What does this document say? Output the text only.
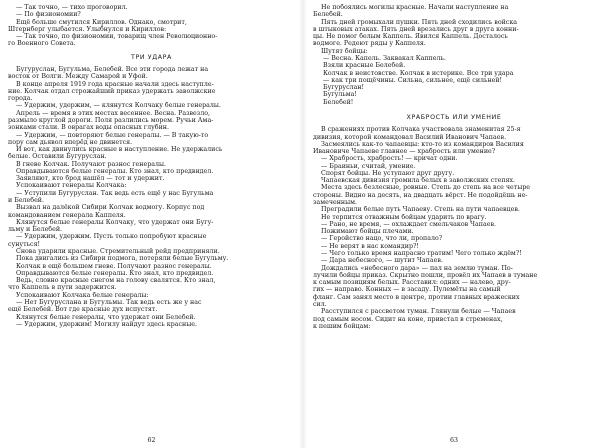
— Так точно, — тихо проговорил.
— По физиономии?
Ещё больше смутился Кириллов. Однако, смотрит,
Штернберг улыбается. Улыбнулся и Кириллов:
— Так точно, по физиономии, товарищ член Революционно-
го Военного Совета.
ТРИ УДАРА
Бугуруслан, Бугульма, Белебей. Все эти города лежат на
восток от Волги. Между Самарой и Уфой.
В конце апреля 1919 года красные начали здесь наступле-
ние. Колчак отдал строжайший приказ удержать заволжские
города.
— Удержим, удержим, — клянутся Колчаку белые генералы.
Апрель — время в этих местах весеннее. Весна. Развезло,
размыло круглой дороги. Поля разлились морем. Ручьи Ама-
зонками стали. В оврагах воды опасных глубин.
— Удержим, — повторяют белые генералы. — В такую-то
пору сам дьявол вперёд не двинется.
И вот, как двинулись красные в наступление. Не удержались
белые. Оставили Бугуруслан.
В гневе Колчак. Получают разнос генералы.
Оправдываются белые генералы. Кто знал, кто предвидел.
Заявляют, кто брод нашёл — тот и удержит.
Успокаивают генералы Колчака:
— Уступили Бугуруслан. Так ведь есть ещё у нас Бугульма
и Белебей.
Вызвал на далёкой Сибири Колчак водмогу. Корпус под
командованием генерала Каппеля.
Клянутся белые генералы Колчаку, что удержат они Бугу-
льму и Белебей.
— Удержим, удержим. Пусть только попробуют красные
сунуться!
Снова ударили красные. Стремительный рейд предприняли.
Пока двигались из Сибири подмога, потеряли белые Бугульму.
Колчак в ещё большем гневе. Получают разнос генералы.
Оправдываются белые генералы. Кто знал, кто предвидел.
Ведь, словно красные снегом на голову свалятся. Кто знал,
что Каппель в пути задержится.
Успокаивают Колчака белые генералы:
— Нет Бугуруслана и Бугульмы. Так ведь есть же у нас
ещё Белебей. Вот где красные дух испустят.
Клянутся белые генералы, что удержат они Белебей.
— Удержим, удержим! Могилу найдут здесь красные.
62
Не побоялись могилы красные. Начали наступление на
Белебей.
Пять дней громыхали пушки. Пять дней сходились войска
в штыковых атаках. Пять дней врезались друг в друга конни-
цы. Не помог белым Каппель. Явился Каппель. Досталось
водмоге. Редеют ряды у Каппеля.
Шутят бойцы:
— Весна. Капель. Заквакал Каппель.
Взяли красные Белебей.
Колчак в неистовстве. Колчак в истерике. Все три удара
— как три пощёчины. Сильна, сильнее, ещё сильней!
Бугуруслан!
Бугульма!
Белебей!
ХРАБРОСТЬ ИЛИ УМЕНИЕ
В сражениях против Колчака участвовала знаменитая 25-я
дивизия, которой командовал Василий Иванович Чапаев.
Засмеялись как-то чапаевцы: кто-то из командиров Василия
Ивановиче Чапаеве главнее — храбрость или умение?
— Храбрость, храбрость! — кричат одни.
— Браиньи, считай, умение.
Спорят бойцы. Не уступают друг другу.
Чапаевская дивизия громила белых в заволжских степях.
Места здесь безлесные, ровные. Степь до степь на все четыре
стороны. Видно на десять, на двадцать вёрст. Не подойдёшь не-
замеченным.
Преградили белые путь Чапаеву. Степь на пути чапаевцев.
Не терпится отважным бойцам ударить по врагу.
— Рано, не время, — охлаждает смельчаков Чапаев.
Пожимают бойцы плечами.
— Геройство нацо, что ли, пропало?
— Не верят в нас командир?!
— Чего только время напрасно тратим! Чего только ждём?!
— Дара небесного, — шутит Чапаев.
Дождались «небесного дара» — пал на землю туман. По-
лучили бойцы приказ. Скрытно пошли, провёл их Чапаев в тумане
к самым позициям белых. Расставил: одних — налево, дру-
гих — направо. Конных — в засаду. Пулемёты на самый
фланг. Сам занял место в центре, протии главных вражеских
сил.
Расступился с рассветом туман. Глянули белые — Чапаев
под самым носом. Сидит на коне, привстал в стременах,
к пешим бойцам:
63
